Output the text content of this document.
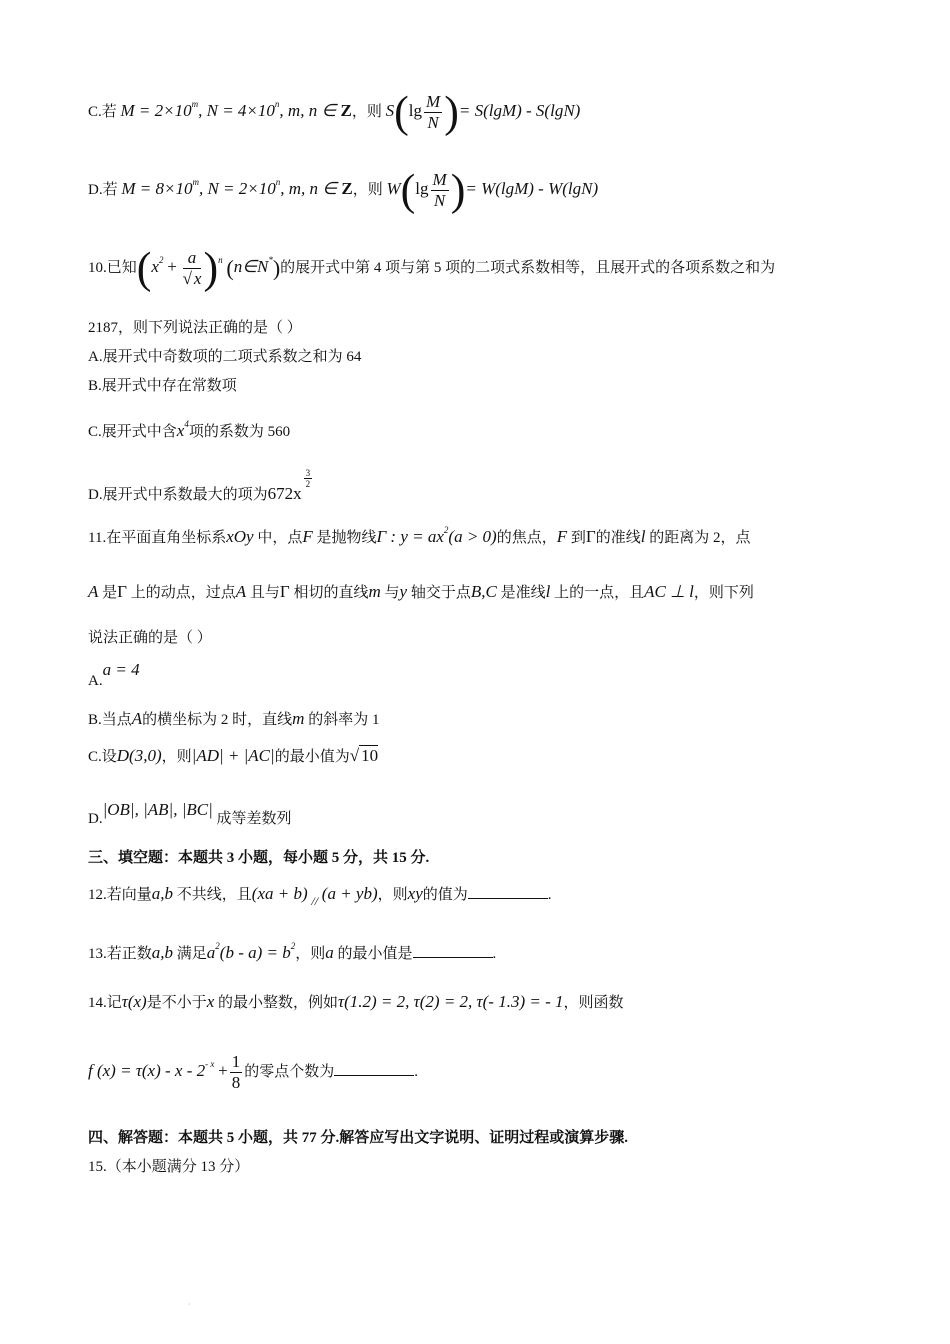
C.若 $M = 2\times 10^m$, $N = 4\times 10^n$, m, n ∈ Z，则 $S(\lg \frac{M}{N}$ )= S(lgM) - S(lgN)
D.若 $M = 8\times 10^m$, $N = 2\times 10^n$, m, n ∈ Z，则 $W(\lg \frac{M}{N}$ )= W(lgM) - W(lgN)
10.已知$(x^2 + \frac{a}{√ x} )^n$ (n∈N*)的展开式中第 4 项与第 5 项的二项式系数相等，且展开式的各项系数之和为
2187，则下列说法正确的是（ ）
A.展开式中奇数项的二项式系数之和为 64
B.展开式中存在常数项
C.展开式中含$x^4$项的系数为 560
D.展开式中系数最大的项为672x
$\frac{3}{2}$
11.在平面直角坐标系xOy 中，点F 是抛物线Γ : $y = ax^2(a > 0)$的焦点，F 到Γ的准线l 的距离为 2，点
A 是Γ 上的动点，过点A 且与Γ 相切的直线m 与y 轴交于点B,C 是准线l 上的一点，且AC ⊥ l，则下列
说法正确的是（ ）
A.a = 4
B.当点A的横坐标为 2 时，直线m 的斜率为 1
C.设D(3,0)，则|AD| + |AC|的最小值为√ 10
D.|OB|, |AB|, |BC| 成等差数列
三、填空题：本题共 3 小题，每小题 5 分，共 15 分.
12.若向量a,b 不共线，且(xa + b) $_{//}$ (a + yb)，则xy的值为	.
13.若正数a,b 满足$a^2(b - a) = b^2$，则a 的最小值是	.
14.记τ(x)是不小于x 的最小整数，例如τ(1.2) = 2, τ(2) = 2, τ(- 1.3) = - 1，则函数
f $(x) = \tau(x) - x - 2^{- x} + \frac{1}{8}$ 的零点个数为	.
四、解答题：本题共 5 小题，共 77 分.解答应写出文字说明、证明过程或演算步骤.
15.（本小题满分 13 分）
·
